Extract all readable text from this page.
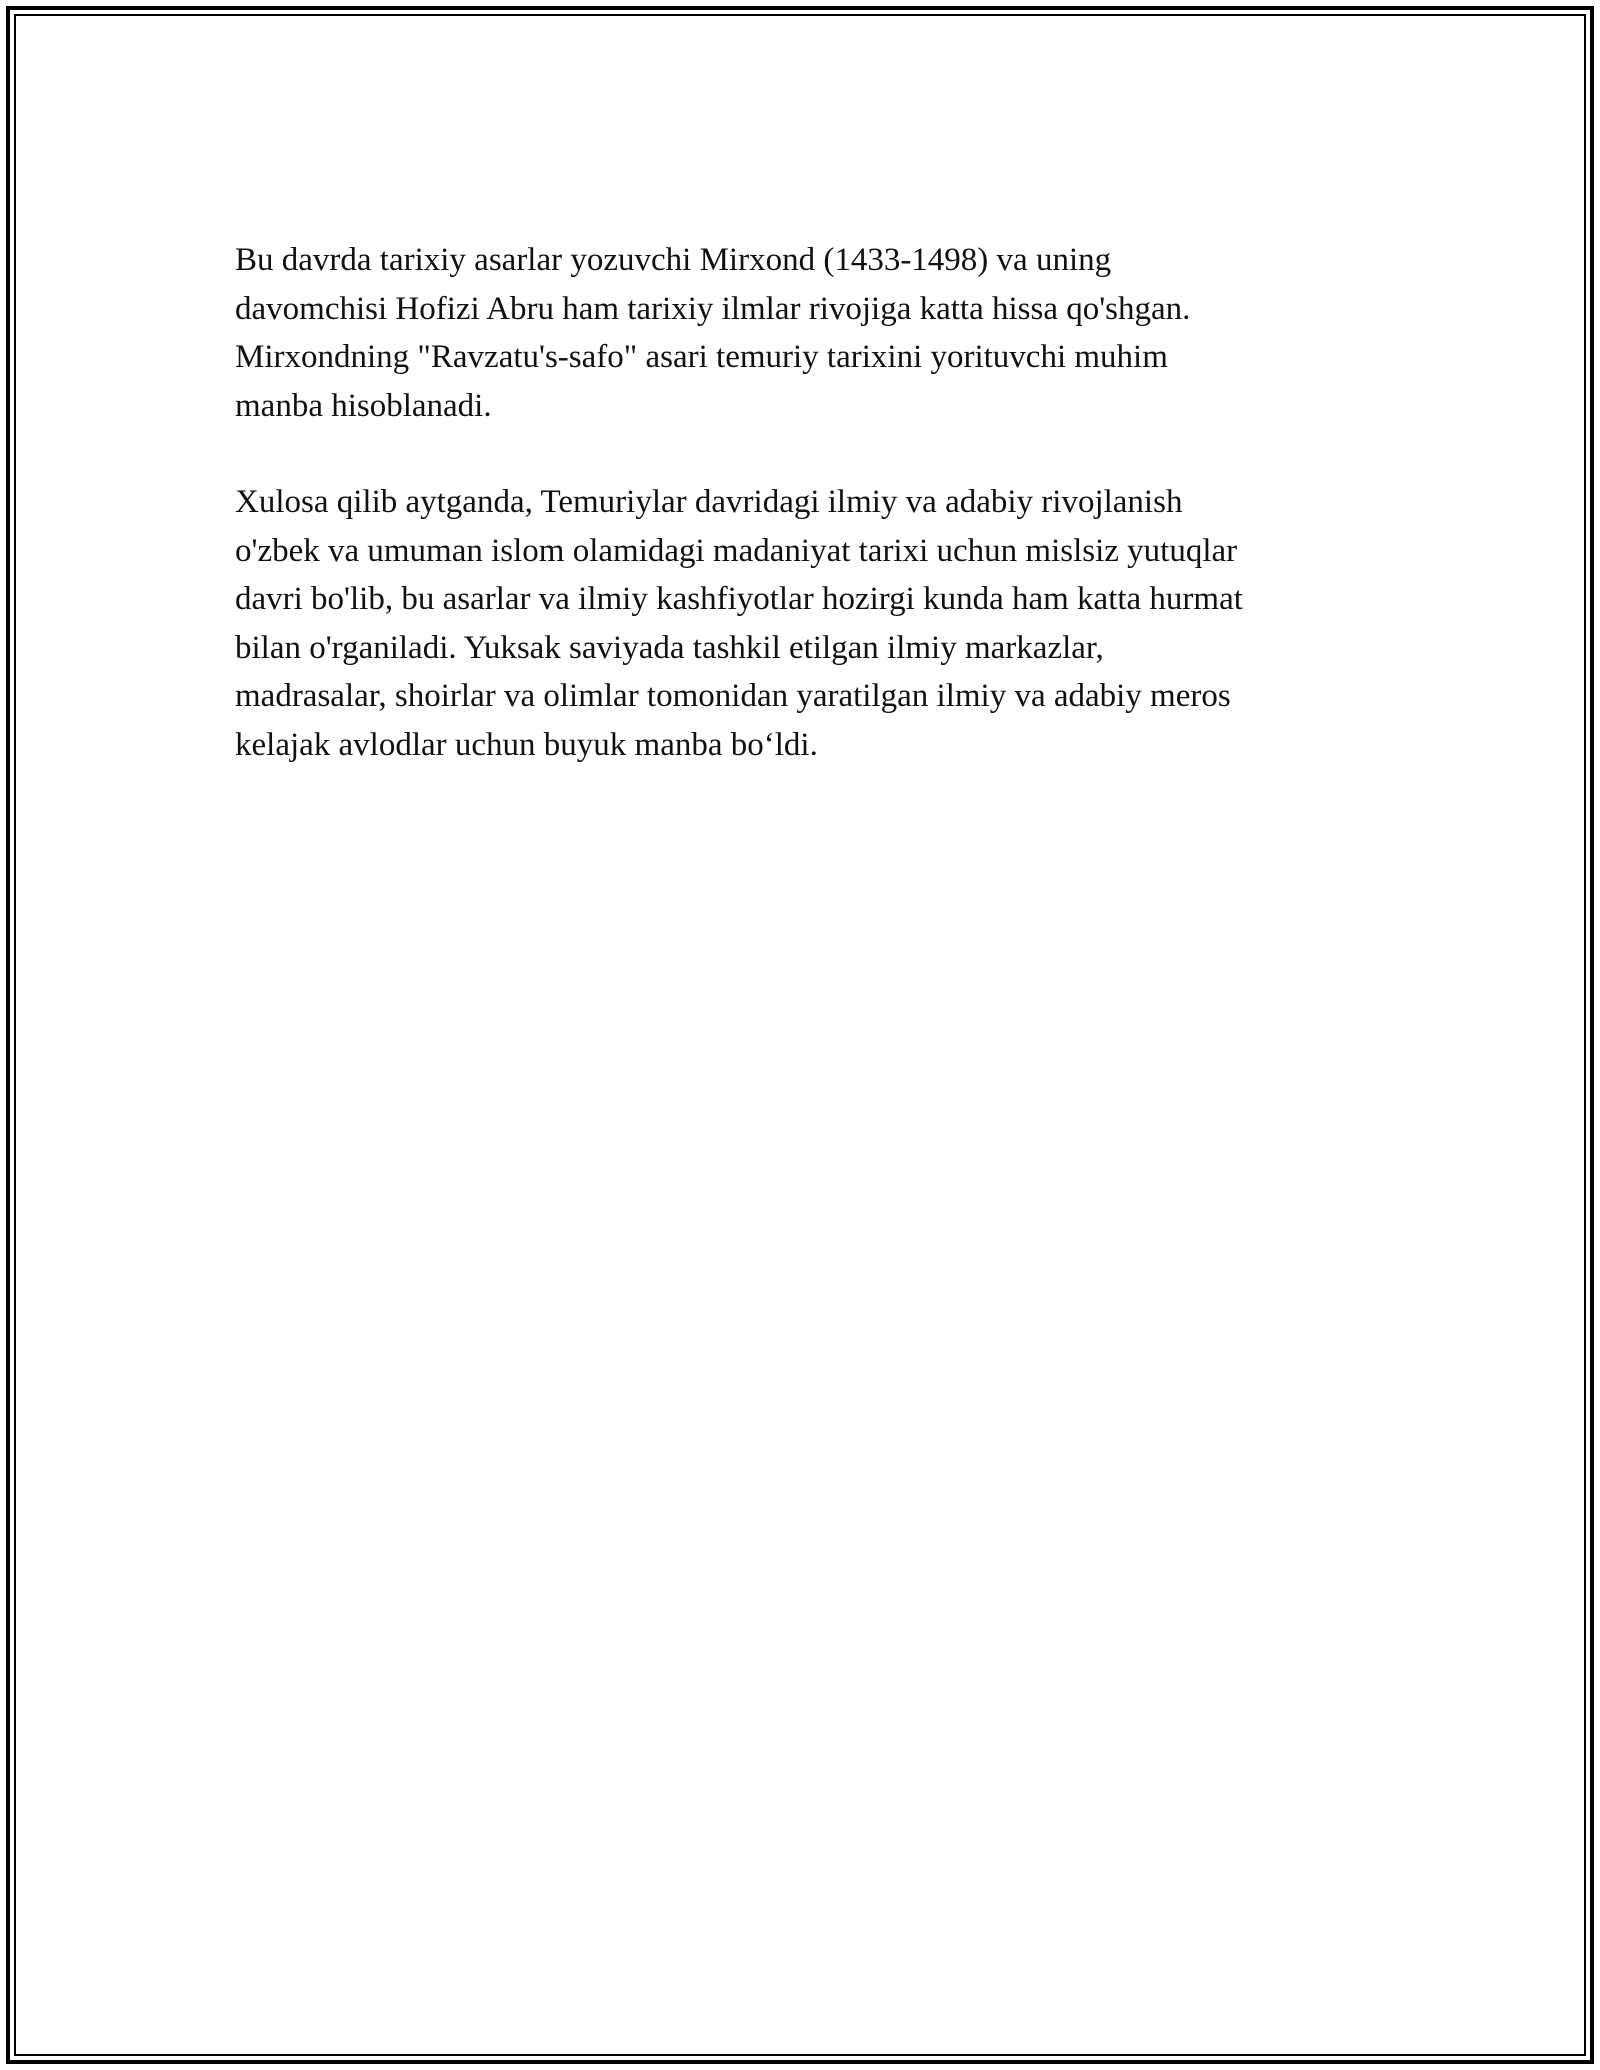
Bu davrda tarixiy asarlar yozuvchi Mirxond (1433-1498) va uning
davomchisi Hofizi Abru ham tarixiy ilmlar rivojiga katta hissa qo'shgan.
Mirxondning "Ravzatu's-safo" asari temuriy tarixini yorituvchi muhim
manba hisoblanadi.

Xulosa qilib aytganda, Temuriylar davridagi ilmiy va adabiy rivojlanish
o'zbek va umuman islom olamidagi madaniyat tarixi uchun mislsiz yutuqlar
davri bo'lib, bu asarlar va ilmiy kashfiyotlar hozirgi kunda ham katta hurmat
bilan o'rganiladi. Yuksak saviyada tashkil etilgan ilmiy markazlar,
madrasalar, shoirlar va olimlar tomonidan yaratilgan ilmiy va adabiy meros
kelajak avlodlar uchun buyuk manba bo‘ldi.
